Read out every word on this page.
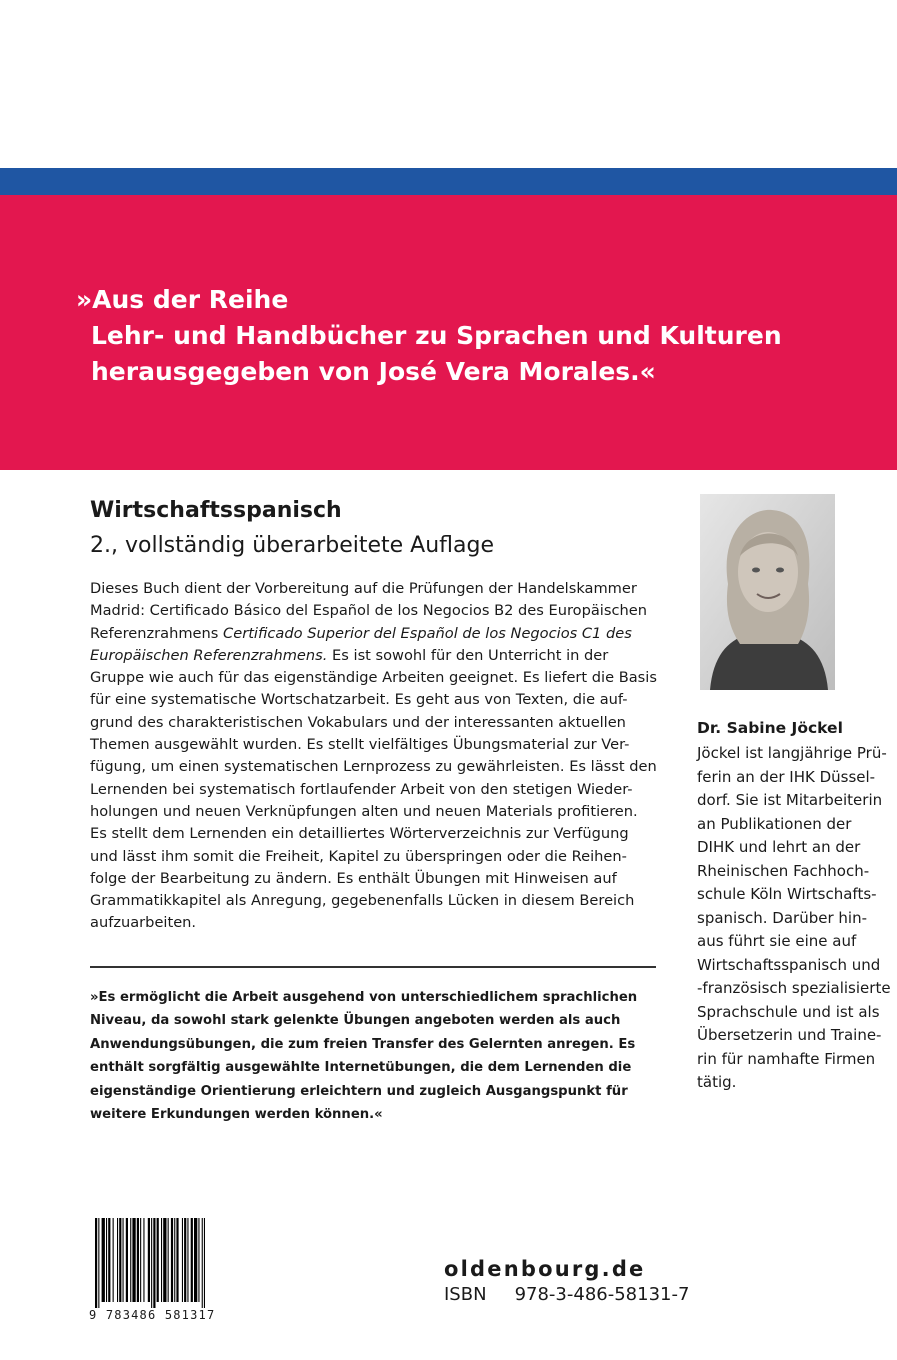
»Aus der Reihe
Lehr- und Handbücher zu Sprachen und Kulturen
herausgegeben von José Vera Morales.«
Wirtschaftsspanisch
2., vollständig überarbeitete Auflage
Dieses Buch dient der Vorbereitung auf die Prüfungen der Handelskammer
Madrid: Certificado Básico del Español de los Negocios B2 des Europäischen
Referenzrahmens Certificado Superior del Español de los Negocios C1 des
Europäischen Referenzrahmens. Es ist sowohl für den Unterricht in der
Gruppe wie auch für das eigenständige Arbeiten geeignet. Es liefert die Basis
für eine systematische Wortschatzarbeit. Es geht aus von Texten, die auf-
grund des charakteristischen Vokabulars und der interessanten aktuellen
Themen ausgewählt wurden. Es stellt vielfältiges Übungsmaterial zur Ver-
fügung, um einen systematischen Lernprozess zu gewährleisten. Es lässt den
Lernenden bei systematisch fortlaufender Arbeit von den stetigen Wieder-
holungen und neuen Verknüpfungen alten und neuen Materials profitieren.
Es stellt dem Lernenden ein detailliertes Wörterverzeichnis zur Verfügung
und lässt ihm somit die Freiheit, Kapitel zu überspringen oder die Reihen-
folge der Bearbeitung zu ändern. Es enthält Übungen mit Hinweisen auf
Grammatikkapitel als Anregung, gegebenenfalls Lücken in diesem Bereich
aufzuarbeiten.
»Es ermöglicht die Arbeit ausgehend von unterschiedlichem sprachlichen
Niveau, da sowohl stark gelenkte Übungen angeboten werden als auch
Anwendungsübungen, die zum freien Transfer des Gelernten anregen. Es
enthält sorgfältig ausgewählte Internetübungen, die dem Lernenden die
eigenständige Orientierung erleichtern und zugleich Ausgangspunkt für
weitere Erkundungen werden können.«
Dr. Sabine Jöckel
Jöckel ist langjährige Prü-
ferin an der IHK Düssel-
dorf. Sie ist Mitarbeiterin
an Publikationen der
DIHK und lehrt an der
Rheinischen Fachhoch-
schule Köln Wirtschafts-
spanisch. Darüber hin-
aus führt sie eine auf
Wirtschaftsspanisch und
-französisch spezialisierte
Sprachschule und ist als
Übersetzerin und Traine-
rin für namhafte Firmen
tätig.
9 783486 581317
oldenbourg.de
ISBN 978-3-486-58131-7
